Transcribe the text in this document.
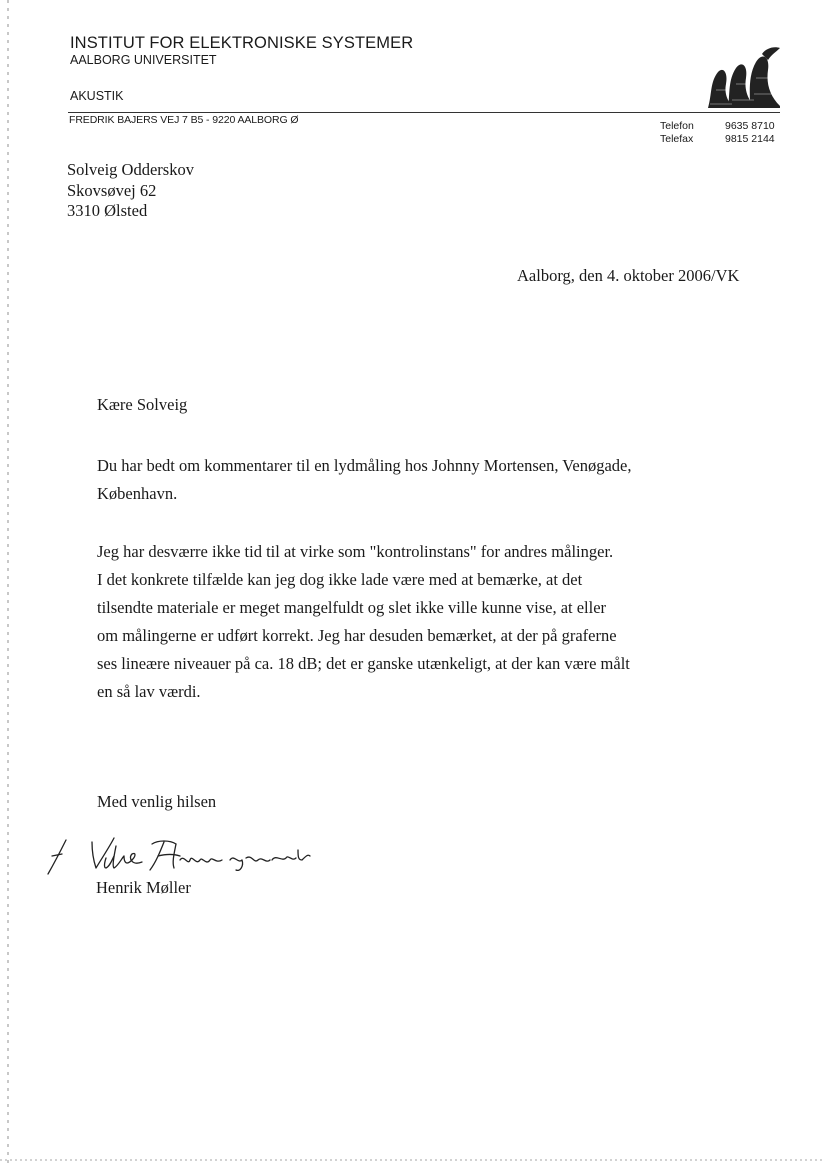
INSTITUT FOR ELEKTRONISKE SYSTEMER
AALBORG UNIVERSITET
AKUSTIK
FREDRIK BAJERS VEJ 7 B5 - 9220 AALBORG Ø	Telefon
Telefax
9635 8710
9815 2144
Solveig Odderskov
Skovsøvej 62
3310 Ølsted
Aalborg, den 4. oktober 2006/VK
Kære Solveig
Du har bedt om kommentarer til en lydmåling hos Johnny Mortensen, Venøgade,
København.
Jeg har desværre ikke tid til at virke som "kontrolinstans" for andres målinger.
I det konkrete tilfælde kan jeg dog ikke lade være med at bemærke, at det
tilsendte materiale er meget mangelfuldt og slet ikke ville kunne vise, at eller
om målingerne er udført korrekt. Jeg har desuden bemærket, at der på graferne
ses lineære niveauer på ca. 18 dB; det er ganske utænkeligt, at der kan være målt
en så lav værdi.
Med venlig hilsen
Henrik Møller
